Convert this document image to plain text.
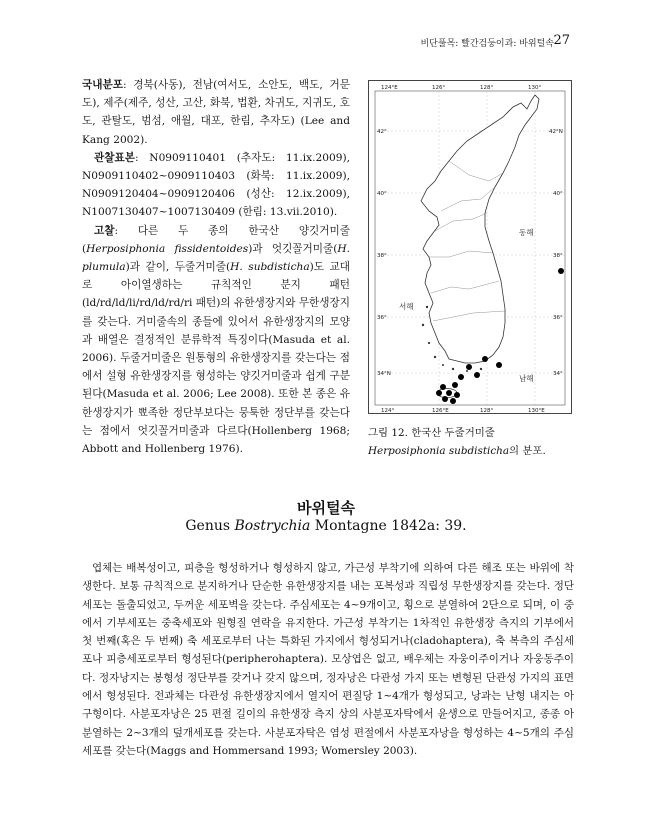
비단풀목: 빨간검둥이과: 바위털속 27

국내분포: 경북(사동), 전남(여서도, 소안도, 백도, 거문도), 제주(제주, 성산, 고산, 화북, 법환, 차귀도, 지귀도, 호도, 관탈도, 범섬, 애월, 대포, 한림, 추자도) (Lee and Kang 2002).

관찰표본: N0909110401 (추자도: 11.ix.2009), N0909110402~0909110403 (화북: 11.ix.2009), N0909120404~0909120406 (성산: 12.ix.2009), N1007130407~1007130409 (한림: 13.vii.2010).

고찰: 다른 두 종의 한국산 양깃거미줄(Herposiphonia fissidentoides)과 엇깃꼴거미줄(H. plumula)과 같이, 두줄거미줄(H. subdisticha)도 교대로 아이열생하는 규칙적인 분지 패턴(ld/rd/ld/li/rd/ld/rd/ri 패턴)의 유한생장지와 무한생장지를 갖는다. 거미줄속의 종들에 있어서 유한생장지의 모양과 배열은 결정적인 분류학적 특징이다(Masuda et al. 2006). 두줄거미줄은 원통형의 유한생장지를 갖는다는 점에서 설형 유한생장지를 형성하는 양깃거미줄과 쉽게 구분된다(Masuda et al. 2006; Lee 2008). 또한 본 종은 유한생장지가 뾰족한 정단부보다는 뭉툭한 정단부를 갖는다는 점에서 엇깃꼴거미줄과 다르다(Hollenberg 1968; Abbott and Hollenberg 1976).

124°E	126°	128°	130°
124°	126°E	128°	130°E
42°
40°
38°
36°
34°N
42°N
40°
38°
36°
34°
동해
서해
남해
그림 12. 한국산 두줄거미줄 Herposiphonia subdisticha의 분포.
바위털속
Genus Bostrychia Montagne 1842a: 39.
엽체는 배복성이고, 피층을 형성하거나 형성하지 않고, 가근성 부착기에 의하여 다른 해조 또는 바위에 착생한다. 보통 규칙적으로 분지하거나 단순한 유한생장지를 내는 포복성과 직립성 무한생장지를 갖는다. 정단세포는 돌출되었고, 두꺼운 세포벽을 갖는다. 주심세포는 4~9개이고, 횡으로 분열하여 2단으로 되며, 이 중에서 기부세포는 중축세포와 원형질 연락을 유지한다. 가근성 부착기는 1차적인 유한생장 측지의 기부에서 첫 번째(혹은 두 번째) 축 세포로부터 나는 특화된 가지에서 형성되거나(cladohaptera), 축 복측의 주심세포나 피층세포로부터 형성된다(peripherohaptera). 모상엽은 없고, 배우체는 자웅이주이거나 자웅동주이다. 정자낭지는 봉형성 정단부를 갖거나 갖지 않으며, 정자낭은 다관성 가지 또는 변형된 단관성 가지의 표면에서 형성된다. 전과체는 다관성 유한생장지에서 열지어 편질당 1~4개가 형성되고, 낭과는 난형 내지는 아구형이다. 사분포자낭은 25 편절 길이의 유한생장 측지 상의 사분포자탁에서 윤생으로 만들어지고, 종종 아분열하는 2~3개의 덮개세포를 갖는다. 사분포자탁은 염성 편절에서 사분포자낭을 형성하는 4~5개의 주심세포를 갖는다(Maggs and Hommersand 1993; Womersley 2003).
